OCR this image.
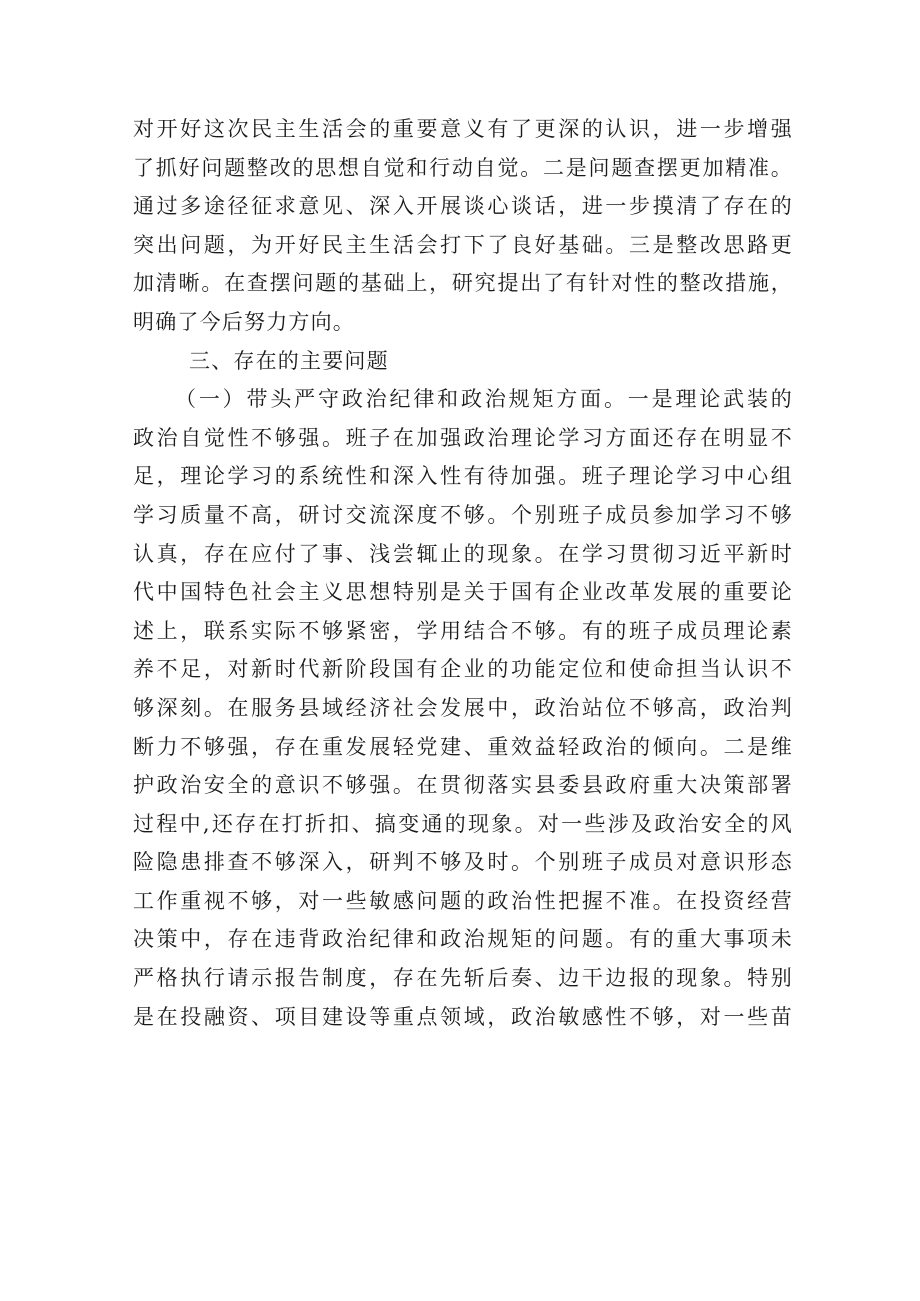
对开好这次民主生活会的重要意义有了更深的认识，进一步增强
了抓好问题整改的思想自觉和行动自觉。二是问题查摆更加精准。
通过多途径征求意见、深入开展谈心谈话，进一步摸清了存在的
突出问题，为开好民主生活会打下了良好基础。三是整改思路更
加清晰。在查摆问题的基础上，研究提出了有针对性的整改措施，
明确了今后努力方向。
三、存在的主要问题
（一）带头严守政治纪律和政治规矩方面。一是理论武装的
政治自觉性不够强。班子在加强政治理论学习方面还存在明显不
足，理论学习的系统性和深入性有待加强。班子理论学习中心组
学习质量不高，研讨交流深度不够。个别班子成员参加学习不够
认真，存在应付了事、浅尝辄止的现象。在学习贯彻习近平新时
代中国特色社会主义思想特别是关于国有企业改革发展的重要论
述上，联系实际不够紧密，学用结合不够。有的班子成员理论素
养不足，对新时代新阶段国有企业的功能定位和使命担当认识不
够深刻。在服务县域经济社会发展中，政治站位不够高，政治判
断力不够强，存在重发展轻党建、重效益轻政治的倾向。二是维
护政治安全的意识不够强。在贯彻落实县委县政府重大决策部署
过程中,还存在打折扣、搞变通的现象。对一些涉及政治安全的风
险隐患排查不够深入，研判不够及时。个别班子成员对意识形态
工作重视不够，对一些敏感问题的政治性把握不准。在投资经营
决策中，存在违背政治纪律和政治规矩的问题。有的重大事项未
严格执行请示报告制度，存在先斩后奏、边干边报的现象。特别
是在投融资、项目建设等重点领域，政治敏感性不够，对一些苗
